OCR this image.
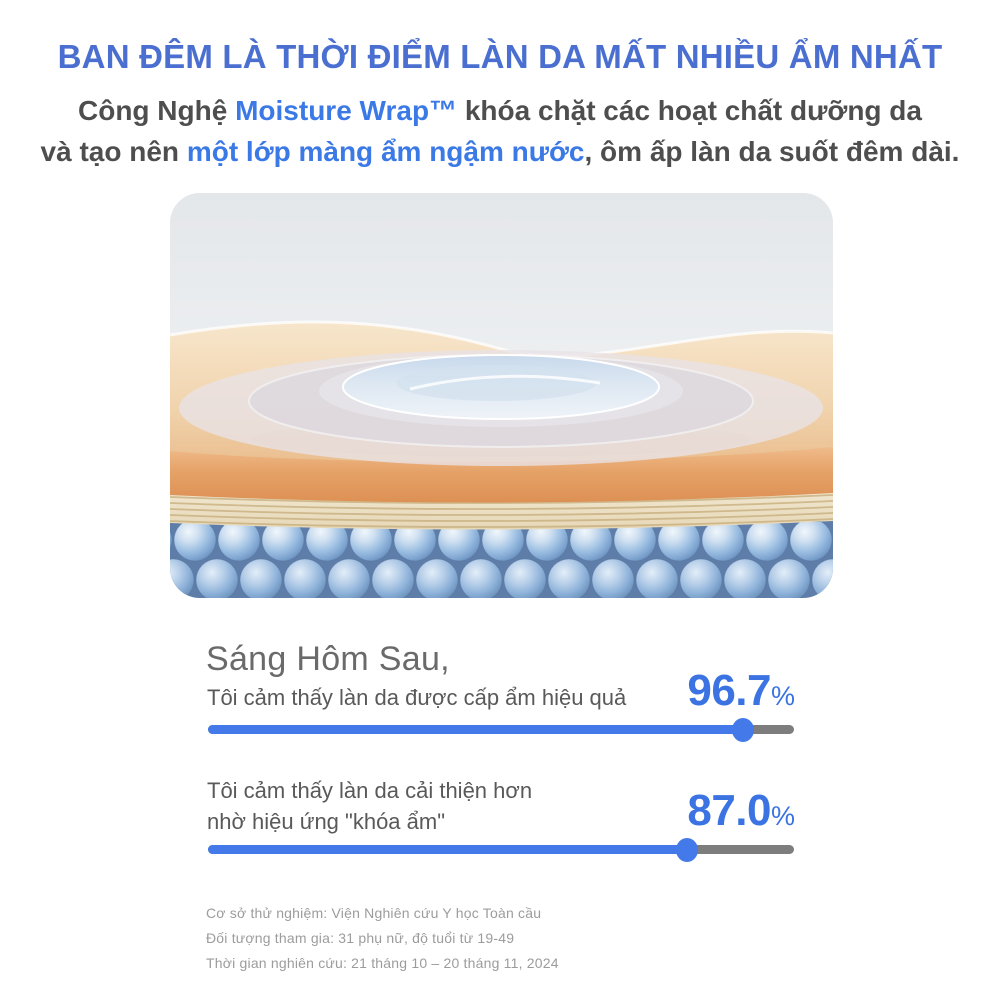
BAN ĐÊM LÀ THỜI ĐIỂM LÀN DA MẤT NHIỀU ẨM NHẤT
Công Nghệ Moisture Wrap™ khóa chặt các hoạt chất dưỡng da
và tạo nên một lớp màng ẩm ngậm nước, ôm ấp làn da suốt đêm dài.
Sáng Hôm Sau,
Tôi cảm thấy làn da được cấp ẩm hiệu quả	96.7%
Tôi cảm thấy làn da cải thiện hơn
nhờ hiệu ứng "khóa ẩm"	87.0%

Cơ sở thử nghiệm: Viện Nghiên cứu Y học Toàn cầu

Đối tượng tham gia: 31 phụ nữ, độ tuổi từ 19-49

Thời gian nghiên cứu: 21 tháng 10 – 20 tháng 11, 2024
